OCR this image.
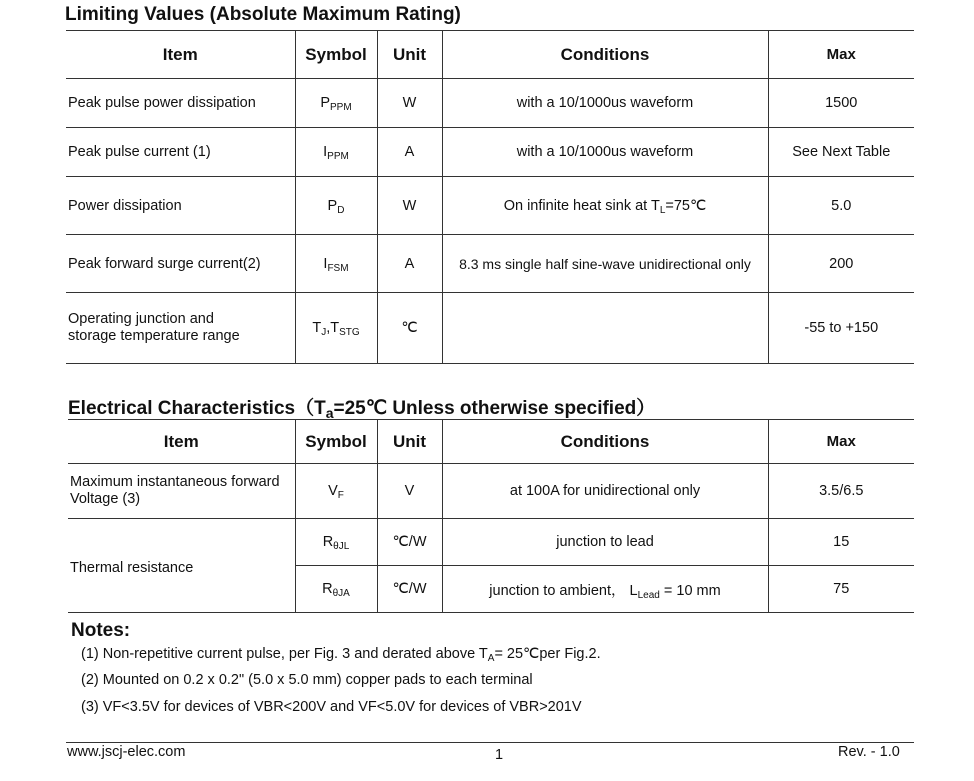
Limiting Values (Absolute Maximum Rating)
Item	Symbol	Unit	Conditions	Max
Peak pulse power dissipation	$P_{PPM}$	W	with a 10/1000us waveform	1500
Peak pulse current (1)	$I_{PPM}$	A	with a 10/1000us waveform	See Next Table
Power dissipation	$P_D$	W	On infinite heat sink at $T_L=75℃$	5.0
Peak forward surge current(2)	$I_{FSM}$	A	8.3 ms single half sine-wave unidirectional only	200

Operating junction and
storage temperature range	$T_J,T_{STG}$	℃		-55 to +150
Electrical $Characteristics(T_a=25℃$ Unless otherwise specified）
Item	Symbol	Unit	Conditions	Max
Maximum instantaneous forward Voltage (3)	$V_F$	V	at 100A for unidirectional only	3.5/6.5
Thermal resistance	$R_{\theta JL}$	℃/W	junction to lead	15
	$R_{\theta JA}$	℃/W	junction to ambient， $L_{Lead} = 10$ mm	75
Notes:
(1) Non-repetitive current pulse, per Fig. 3 and derated above $T_A=$ 25℃per Fig.2.
(2) Mounted on 0.2 x 0.2" (5.0 x 5.0 mm) copper pads to each terminal
(3) VF<3.5V for devices of VBR<200V and VF<5.0V for devices of VBR>201V
www.jscj-elec.com	1	Rev. - 1.0
